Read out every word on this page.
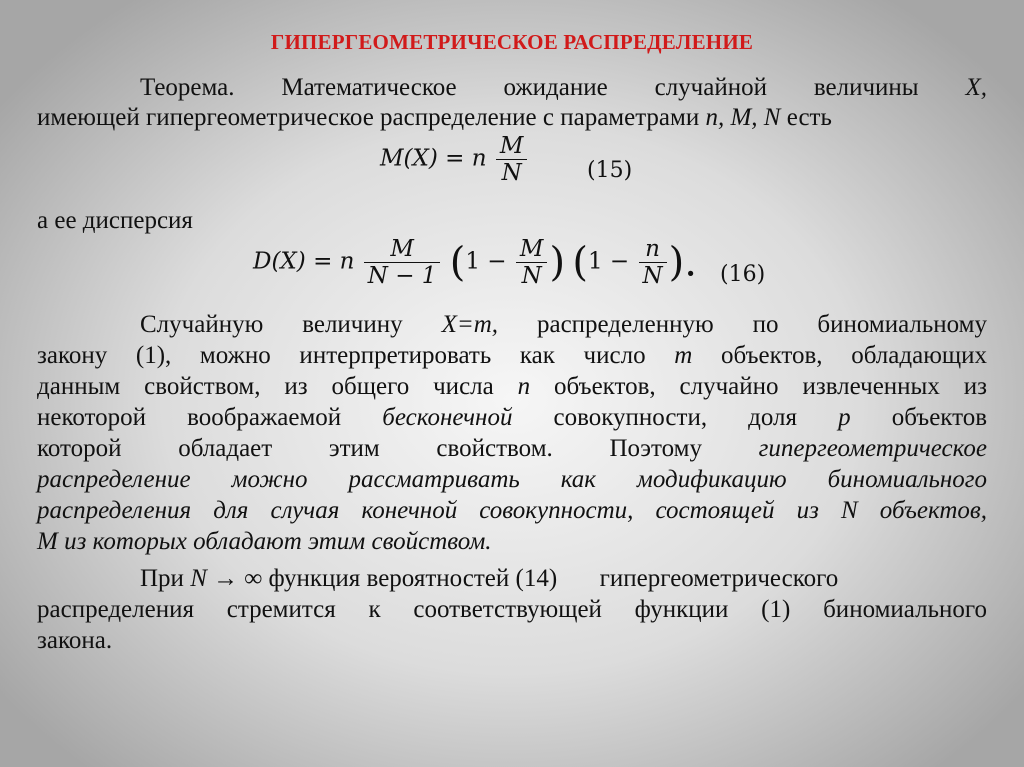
ГИПЕРГЕОМЕТРИЧЕСКОЕ РАСПРЕДЕЛЕНИЕ
Теорема. Математическое ожидание случайной величины X,
имеющей гипергеометрическое распределение с параметрами n, M, N есть
M(X) = n $\frac{M}{N}$	(15)
а ее дисперсия
D(X) = n $\frac{M}{N - 1} (1 - \frac{M}{N}$ ) ($1 - \frac{n}{N}$ ). (16)
Случайную величину X=m, распределенную по биномиальному
закону (1), можно интерпретировать как число m объектов, обладающих
данным свойством, из общего числа n объектов, случайно извлеченных из
некоторой воображаемой бесконечной совокупности, доля p объектов
которой обладает этим свойством. Поэтому гипергеометрическое
распределение можно рассматривать как модификацию биномиального
распределения для случая конечной совокупности, состоящей из N объектов,
M из которых обладают этим свойством.
При N → ∞ функция вероятностей (14) гипергеометрического
распределения стремится к соответствующей функции (1) биномиального
закона.
